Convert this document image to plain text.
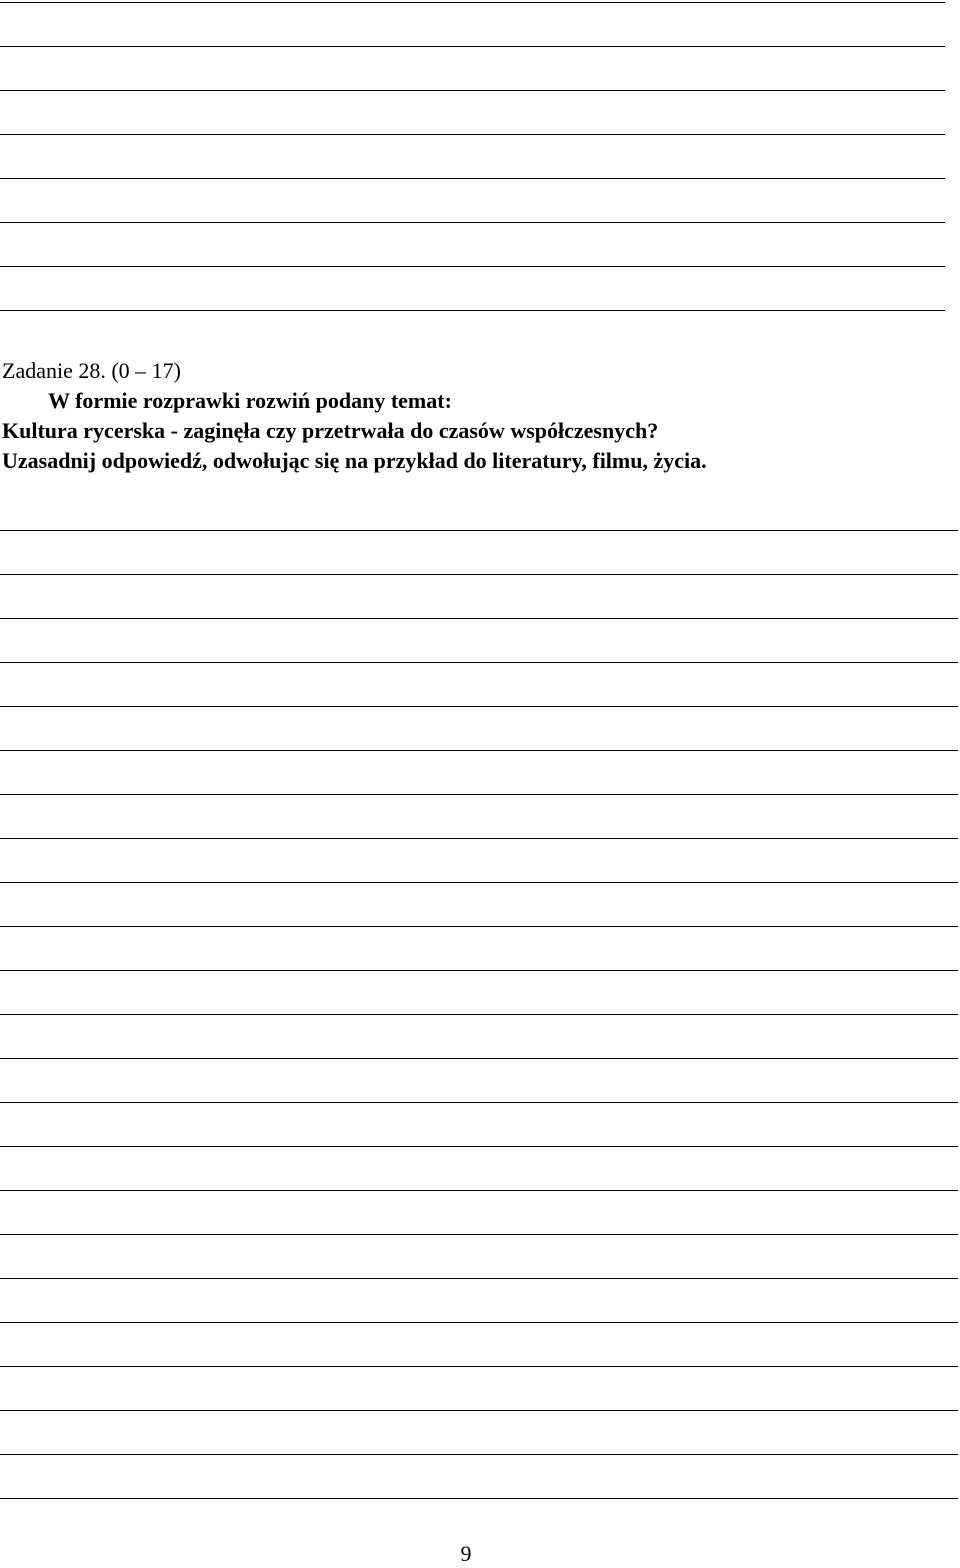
Zadanie 28. (0 – 17)
W formie rozprawki rozwiń podany temat:
Kultura rycerska - zaginęła czy przetrwała do czasów współczesnych?
Uzasadnij odpowiedź, odwołując się na przykład do literatury, filmu, życia.
9
